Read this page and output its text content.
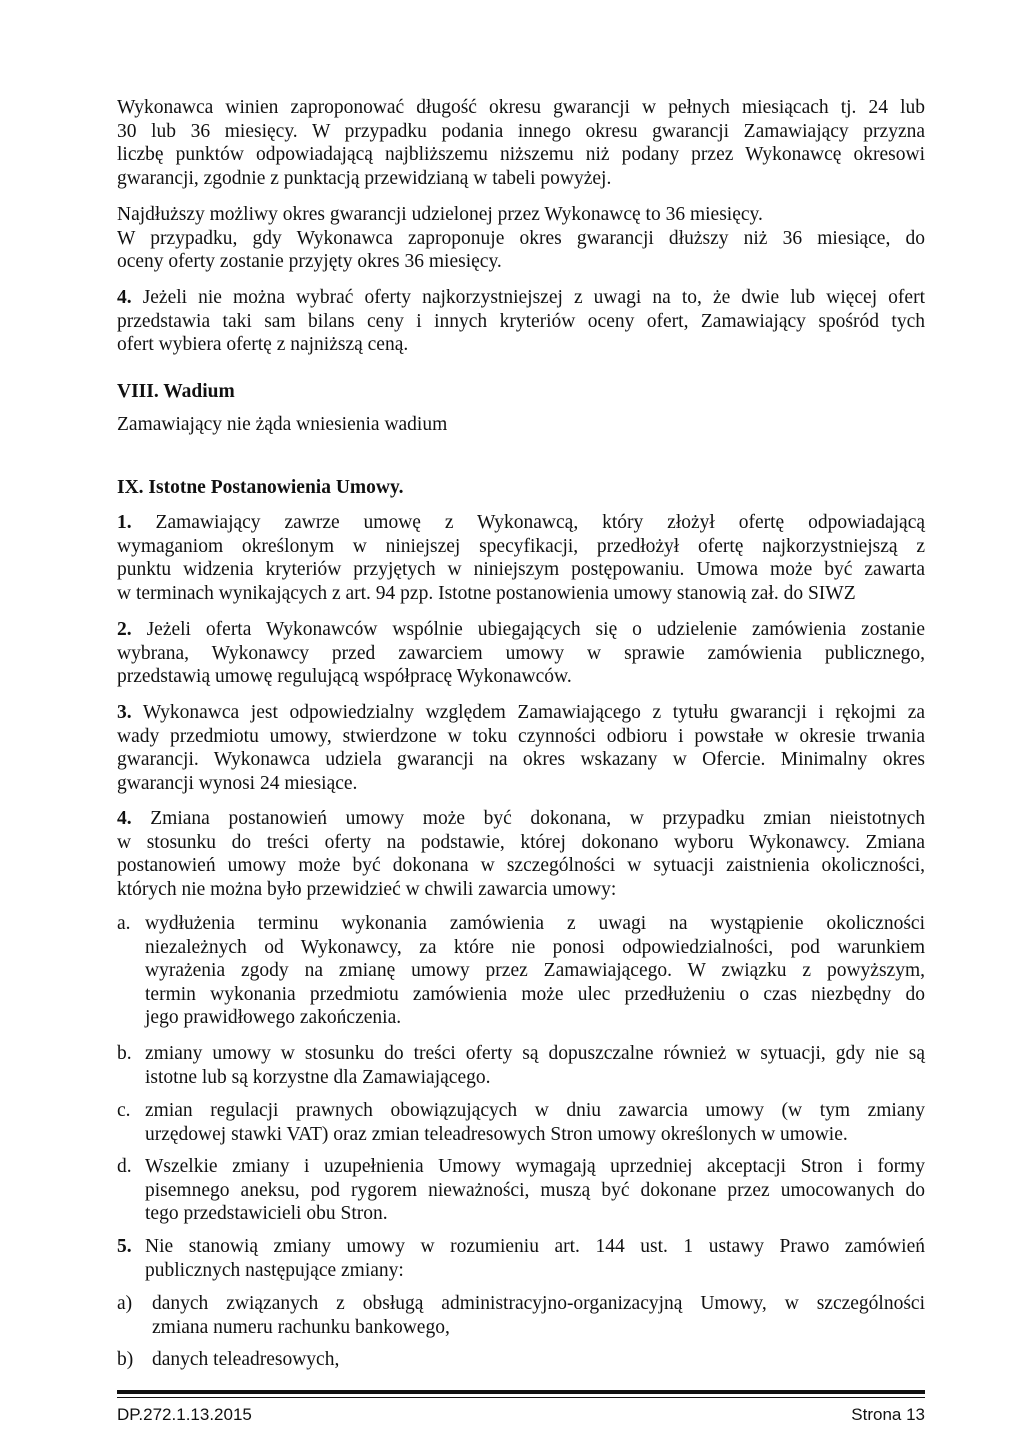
Wykonawca winien zaproponować długość okresu gwarancji w pełnych miesiącach tj. 24 lub
30 lub 36 miesięcy. W przypadku podania innego okresu gwarancji Zamawiający przyzna
liczbę punktów odpowiadającą najbliższemu niższemu niż podany przez Wykonawcę okresowi
gwarancji, zgodnie z punktacją przewidzianą w tabeli powyżej.
Najdłuższy możliwy okres gwarancji udzielonej przez Wykonawcę to 36 miesięcy.
W przypadku, gdy Wykonawca zaproponuje okres gwarancji dłuższy niż 36 miesiące, do
oceny oferty zostanie przyjęty okres 36 miesięcy.
4. Jeżeli nie można wybrać oferty najkorzystniejszej z uwagi na to, że dwie lub więcej ofert
przedstawia taki sam bilans ceny i innych kryteriów oceny ofert, Zamawiający spośród tych
ofert wybiera ofertę z najniższą ceną.
VIII. Wadium
Zamawiający nie żąda wniesienia wadium
IX. Istotne Postanowienia Umowy.
1. Zamawiający zawrze umowę z Wykonawcą, który złożył ofertę odpowiadającą
wymaganiom określonym w niniejszej specyfikacji, przedłożył ofertę najkorzystniejszą z
punktu widzenia kryteriów przyjętych w niniejszym postępowaniu. Umowa może być zawarta
w terminach wynikających z art. 94 pzp. Istotne postanowienia umowy stanowią zał. do SIWZ
2. Jeżeli oferta Wykonawców wspólnie ubiegających się o udzielenie zamówienia zostanie
wybrana, Wykonawcy przed zawarciem umowy w sprawie zamówienia publicznego,
przedstawią umowę regulującą współpracę Wykonawców.
3. Wykonawca jest odpowiedzialny względem Zamawiającego z tytułu gwarancji i rękojmi za
wady przedmiotu umowy, stwierdzone w toku czynności odbioru i powstałe w okresie trwania
gwarancji. Wykonawca udziela gwarancji na okres wskazany w Ofercie. Minimalny okres
gwarancji wynosi 24 miesiące.
4. Zmiana postanowień umowy może być dokonana, w przypadku zmian nieistotnych
w stosunku do treści oferty na podstawie, której dokonano wyboru Wykonawcy. Zmiana
postanowień umowy może być dokonana w szczególności w sytuacji zaistnienia okoliczności,
których nie można było przewidzieć w chwili zawarcia umowy:
a. wydłużenia terminu wykonania zamówienia z uwagi na wystąpienie okoliczności
niezależnych od Wykonawcy, za które nie ponosi odpowiedzialności, pod warunkiem
wyrażenia zgody na zmianę umowy przez Zamawiającego. W związku z powyższym,
termin wykonania przedmiotu zamówienia może ulec przedłużeniu o czas niezbędny do
jego prawidłowego zakończenia.
b. zmiany umowy w stosunku do treści oferty są dopuszczalne również w sytuacji, gdy nie są
istotne lub są korzystne dla Zamawiającego.
c. zmian regulacji prawnych obowiązujących w dniu zawarcia umowy (w tym zmiany
urzędowej stawki VAT) oraz zmian teleadresowych Stron umowy określonych w umowie.
d. Wszelkie zmiany i uzupełnienia Umowy wymagają uprzedniej akceptacji Stron i formy
pisemnego aneksu, pod rygorem nieważności, muszą być dokonane przez umocowanych do
tego przedstawicieli obu Stron.
5. Nie stanowią zmiany umowy w rozumieniu art. 144 ust. 1 ustawy Prawo zamówień
publicznych następujące zmiany:
a) danych związanych z obsługą administracyjno-organizacyjną Umowy, w szczególności
zmiana numeru rachunku bankowego,
b) danych teleadresowych,
DP.272.1.13.2015	Strona 13
